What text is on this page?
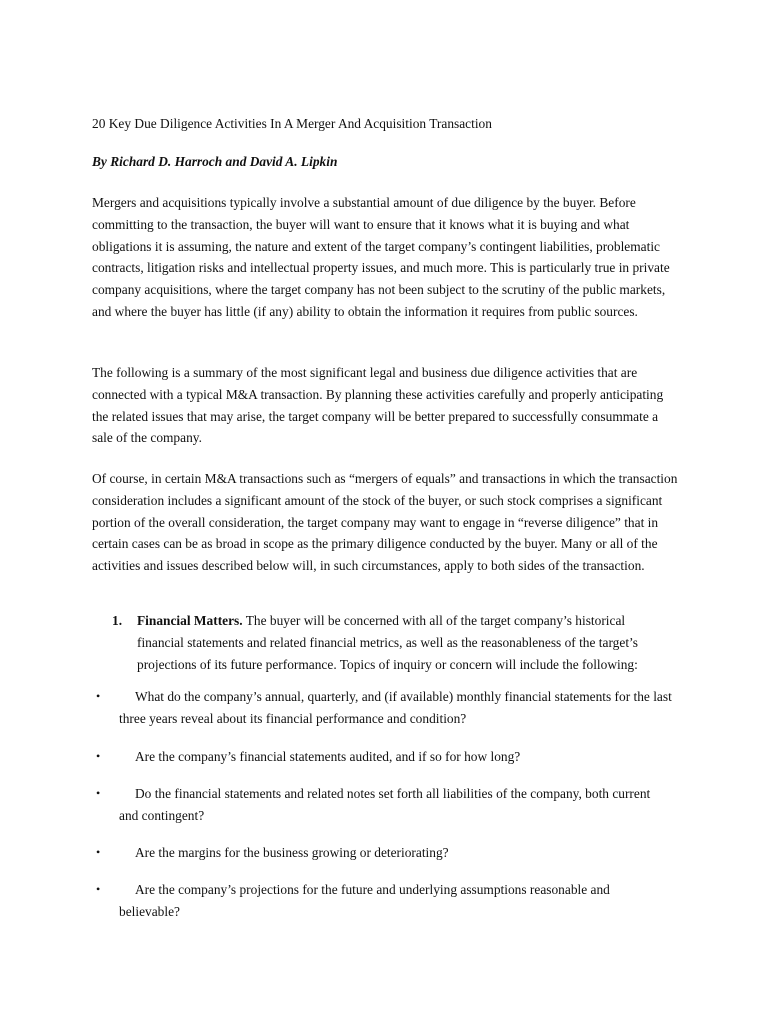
20 Key Due Diligence Activities In A Merger And Acquisition Transaction

By Richard D. Harroch and David A. Lipkin

Mergers and acquisitions typically involve a substantial amount of due diligence by the buyer. Before committing to the transaction, the buyer will want to ensure that it knows what it is buying and what obligations it is assuming, the nature and extent of the target company’s contingent liabilities, problematic contracts, litigation risks and intellectual property issues, and much more. This is particularly true in private company acquisitions, where the target company has not been subject to the scrutiny of the public markets, and where the buyer has little (if any) ability to obtain the information it requires from public sources.

The following is a summary of the most significant legal and business due diligence activities that are connected with a typical M&A transaction. By planning these activities carefully and properly anticipating the related issues that may arise, the target company will be better prepared to successfully consummate a sale of the company.

Of course, in certain M&A transactions such as “mergers of equals” and transactions in which the transaction consideration includes a significant amount of the stock of the buyer, or such stock comprises a significant portion of the overall consideration, the target company may want to engage in “reverse diligence” that in certain cases can be as broad in scope as the primary diligence conducted by the buyer. Many or all of the activities and issues described below will, in such circumstances, apply to both sides of the transaction.

1. Financial Matters. The buyer will be concerned with all of the target company’s historical financial statements and related financial metrics, as well as the reasonableness of the target’s projections of its future performance. Topics of inquiry or concern will include the following:
•	What do the company’s annual, quarterly, and (if available) monthly financial statements for the last three years reveal about its financial performance and condition?
•	Are the company’s financial statements audited, and if so for how long?
•	Do the financial statements and related notes set forth all liabilities of the company, both current and contingent?
•	Are the margins for the business growing or deteriorating?
•	Are the company’s projections for the future and underlying assumptions reasonable and believable?
